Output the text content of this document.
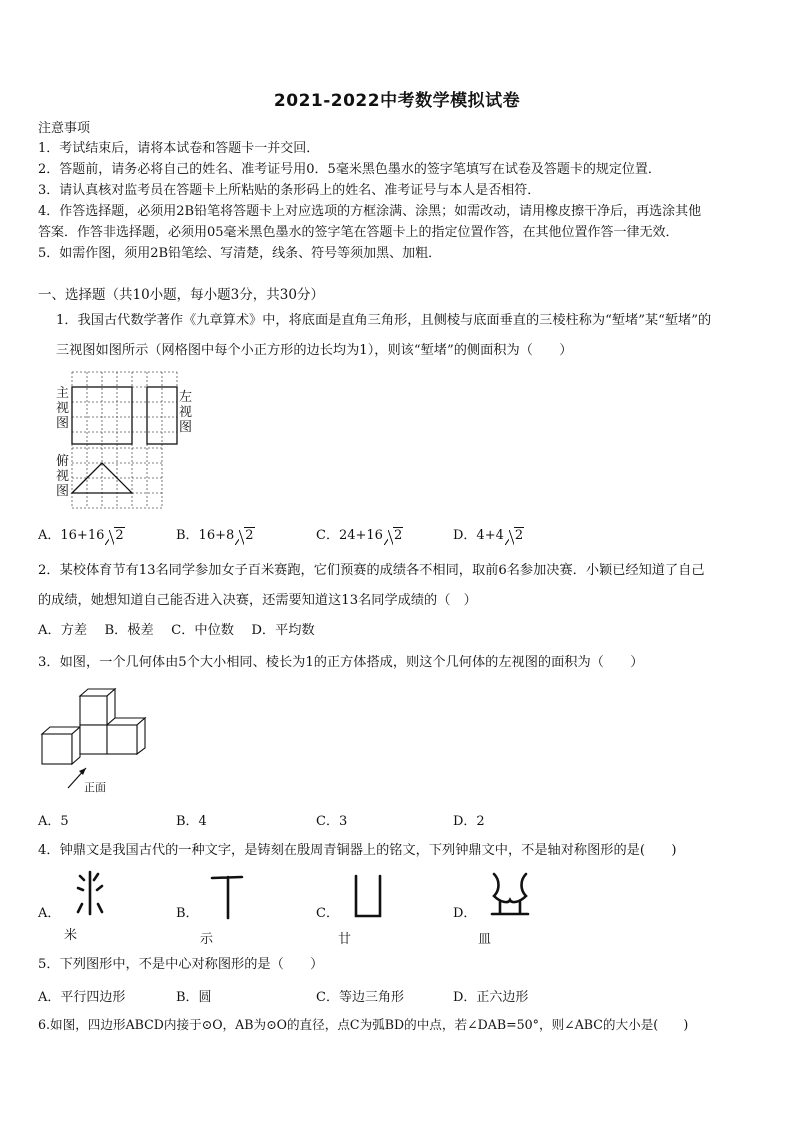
2021-2022中考数学模拟试卷
注意事项
1．考试结束后，请将本试卷和答题卡一并交回．
2．答题前，请务必将自己的姓名、准考证号用0．5毫米黑色墨水的签字笔填写在试卷及答题卡的规定位置．
3．请认真核对监考员在答题卡上所粘贴的条形码上的姓名、准考证号与本人是否相符．
4．作答选择题，必须用2B铅笔将答题卡上对应选项的方框涂满、涂黑；如需改动，请用橡皮擦干净后，再选涂其他
答案．作答非选择题，必须用05毫米黑色墨水的签字笔在答题卡上的指定位置作答，在其他位置作答一律无效．
5．如需作图，须用2B铅笔绘、写清楚，线条、符号等须加黑、加粗．
一、选择题（共10小题，每小题3分，共30分）
1．我国古代数学著作《九章算术》中，将底面是直角三角形，且侧棱与底面垂直的三棱柱称为“堑堵”某“堑堵”的
三视图如图所示（网格图中每个小正方形的边长均为1），则该“堑堵”的侧面积为（　　）
主
视
图
左
视
图
俯
视
图
A．16+16 2	B．16+8 2	C．24+16 2	D．4+4 2
2．某校体育节有13名同学参加女子百米赛跑，它们预赛的成绩各不相同，取前6名参加决赛．小颖已经知道了自己
的成绩，她想知道自己能否进入决赛，还需要知道这13名同学成绩的（　）
A．方差　 B．极差　 C．中位数　 D．平均数
3．如图，一个几何体由5个大小相同、棱长为1的正方体搭成，则这个几何体的左视图的面积为（　　）
正面
A．5	B．4	C．3	D．2
4．钟鼎文是我国古代的一种文字，是铸刻在殷周青铜器上的铭文，下列钟鼎文中，不是轴对称图形的是(　　)
A．	B．	C．	D．
米	示	廿	皿
5．下列图形中，不是中心对称图形的是（　　）
A．平行四边形	B．圆	C．等边三角形	D．正六边形
6.如图，四边形ABCD内接于⊙O，AB为⊙O的直径，点C为弧BD的中点，若∠DAB=50°，则∠ABC的大小是(　　)
